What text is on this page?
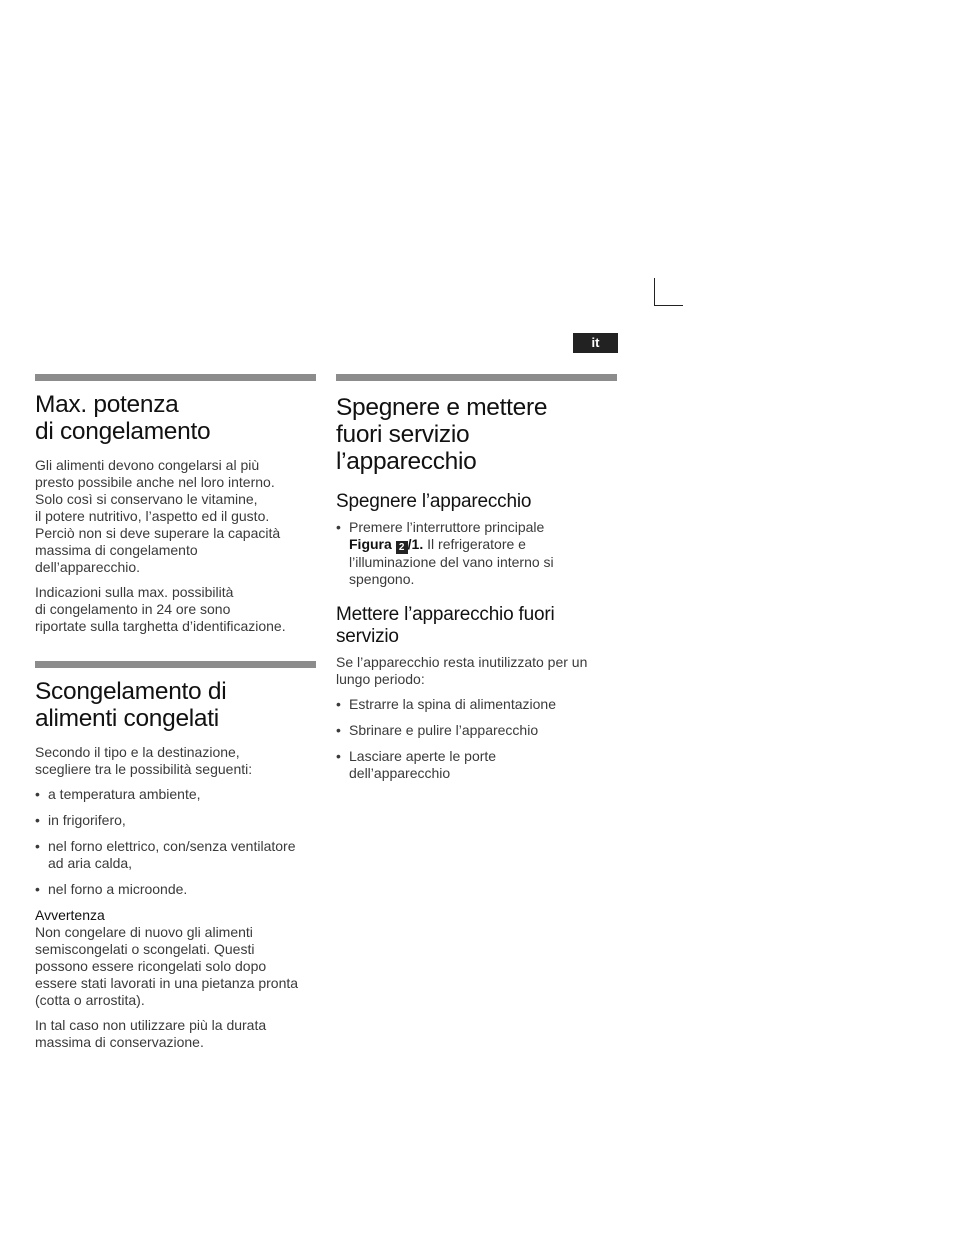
it
Max. potenza
di congelamento

Gli alimenti devono congelarsi al più
presto possibile anche nel loro interno.
Solo così si conservano le vitamine,
il potere nutritivo, l’aspetto ed il gusto.
Perciò non si deve superare la capacità
massima di congelamento
dell’apparecchio.

Indicazioni sulla max. possibilità
di congelamento in 24 ore sono
riportate sulla targhetta d’identificazione.

Scongelamento di
alimenti congelati

Secondo il tipo e la destinazione,
scegliere tra le possibilità seguenti:

• a temperatura ambiente,
• in frigorifero,
• nel forno elettrico, con/senza ventilatore
ad aria calda,
• nel forno a microonde.
Avvertenza

Non congelare di nuovo gli alimenti
semiscongelati o scongelati. Questi
possono essere ricongelati solo dopo
essere stati lavorati in una pietanza pronta
(cotta o arrostita).

In tal caso non utilizzare più la durata
massima di conservazione.

Spegnere e mettere
fuori servizio
l’apparecchio
Spegnere l’apparecchio
• Premere l’interruttore principale
Figura 2 /1. Il refrigeratore e
l’illuminazione del vano interno si
spengono.
Mettere l’apparecchio fuori
servizio

Se l’apparecchio resta inutilizzato per un
lungo periodo:

• Estrarre la spina di alimentazione
• Sbrinare e pulire l’apparecchio
• Lasciare aperte le porte
dell’apparecchio
